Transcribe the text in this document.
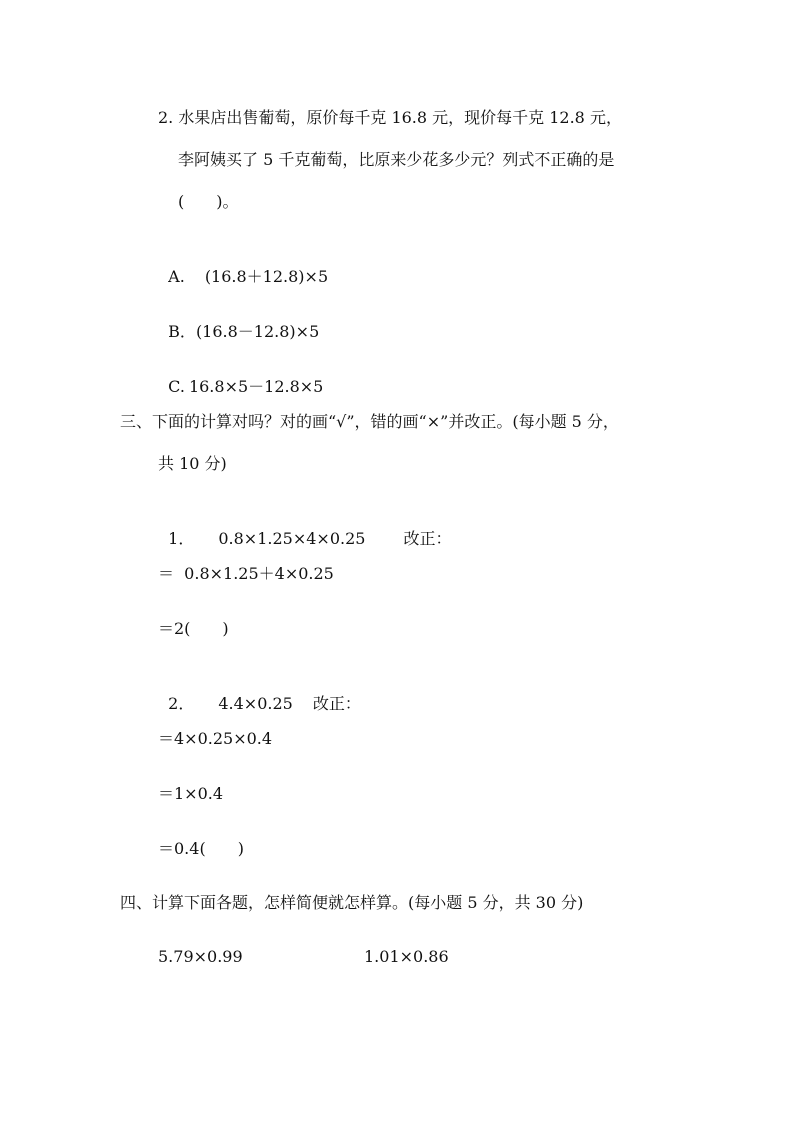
2. 水果店出售葡萄，原价每千克 16.8 元，现价每千克 12.8 元，
李阿姨买了 5 千克葡萄，比原来少花多少元？列式不正确的是
(　　)。

A. (16.8＋12.8)×5

B．(16.8－12.8)×5

C. 16.8×5－12.8×5

三、下面的计算对吗？对的画“√”，错的画“×”并改正。(每小题 5 分，
共 10 分)

1． 0.8×1.25×4×0.25 改正：

＝  0.8×1.25＋4×0.25
＝2(　　)

2． 4.4×0.25 改正：

＝4×0.25×0.4
＝1×0.4
＝0.4(　　)
四、计算下面各题，怎样简便就怎样算。(每小题 5 分，共 30 分)
5.79×0.99	1.01×0.86
